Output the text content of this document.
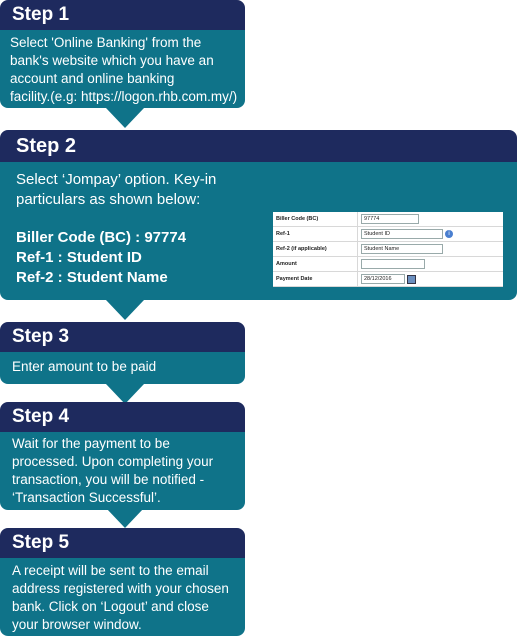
Step 1
Select 'Online Banking' from the
bank's website which you have an
account and online banking
facility.(e.g: https://logon.rhb.com.my/)
Step 2
Select ‘Jompay’ option. Key-in
particulars as shown below:
Biller Code (BC) : 97774
Ref-1 : Student ID
Ref-2 : Student Name
Biller Code (BC)	97774
Ref-1	Student ID i
Ref-2 (if applicable)	Student Name
Amount	
Payment Date	28/12/2016
Step 3
Enter amount to be paid
Step 4
Wait for the payment to be
processed. Upon completing your
transaction, you will be notified -
‘Transaction Successful’.
Step 5
A receipt will be sent to the email
address registered with your chosen
bank. Click on ‘Logout’ and close
your browser window.
